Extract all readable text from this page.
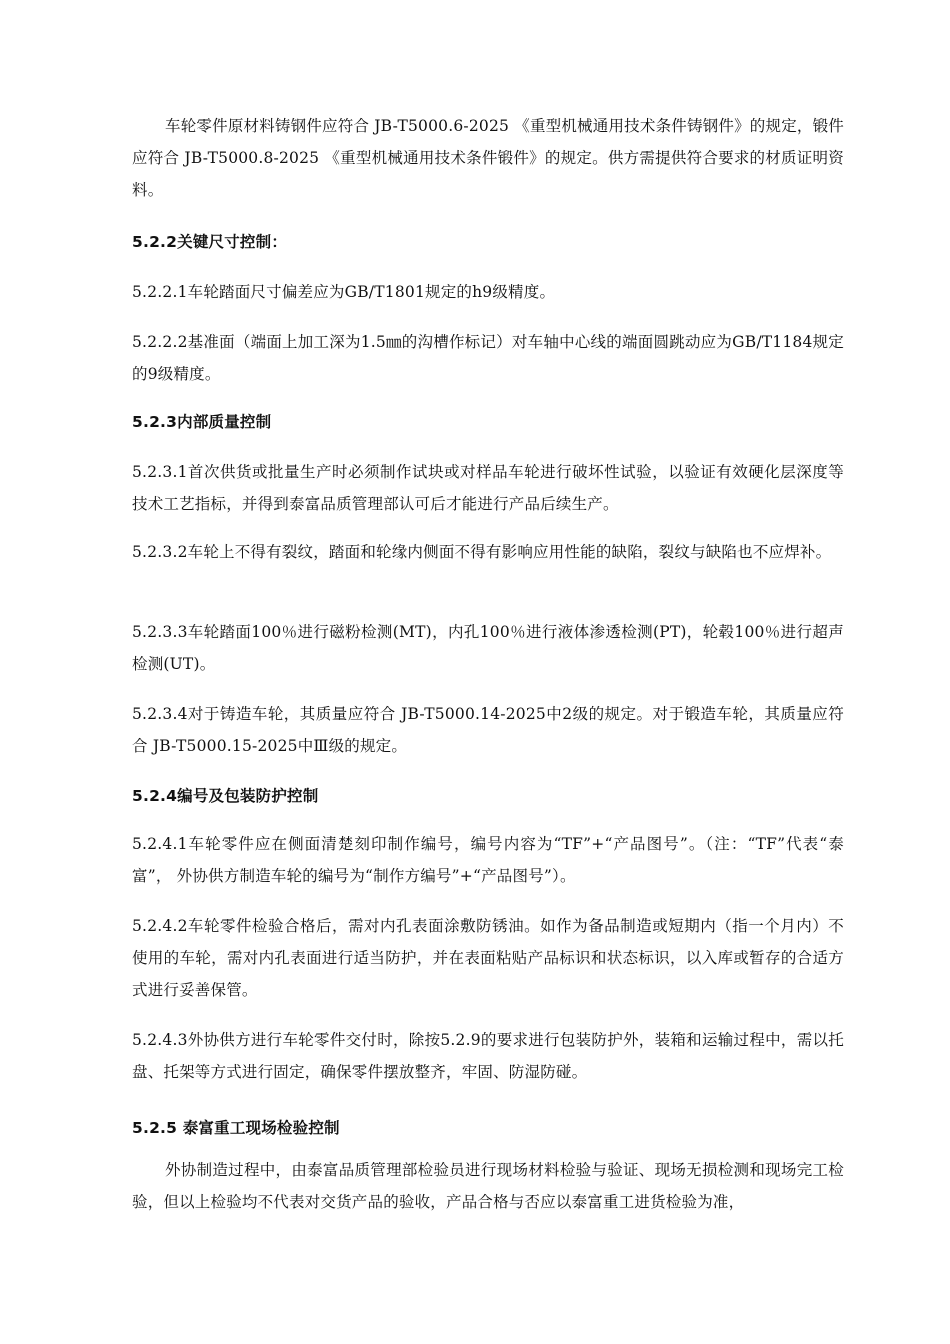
车轮零件原材料铸钢件应符合 JB-T5000.6-2025 《重型机械通用技术条件铸钢件》的规定，锻件应符合 JB-T5000.8-2025 《重型机械通用技术条件锻件》的规定。供方需提供符合要求的材质证明资料。

5.2.2关键尺寸控制：

5.2.2.1车轮踏面尺寸偏差应为GB/T1801规定的h9级精度。

5.2.2.2基准面（端面上加工深为1.5㎜的沟槽作标记）对车轴中心线的端面圆跳动应为GB/T1184规定的9级精度。

5.2.3内部质量控制

5.2.3.1首次供货或批量生产时必须制作试块或对样品车轮进行破坏性试验，以验证有效硬化层深度等技术工艺指标，并得到泰富品质管理部认可后才能进行产品后续生产。

5.2.3.2车轮上不得有裂纹，踏面和轮缘内侧面不得有影响应用性能的缺陷，裂纹与缺陷也不应焊补。

5.2.3.3车轮踏面100％进行磁粉检测(MT)，内孔100％进行液体渗透检测(PT)，轮毂100％进行超声检测(UT)。

5.2.3.4对于铸造车轮，其质量应符合 JB-T5000.14-2025中2级的规定。对于锻造车轮，其质量应符合 JB-T5000.15-2025中Ⅲ级的规定。

5.2.4编号及包装防护控制

5.2.4.1车轮零件应在侧面清楚刻印制作编号，编号内容为“TF”+“产品图号”。（注：“TF”代表“泰富”， 外协供方制造车轮的编号为“制作方编号”+“产品图号”）。

5.2.4.2车轮零件检验合格后，需对内孔表面涂敷防锈油。如作为备品制造或短期内（指一个月内）不使用的车轮，需对内孔表面进行适当防护，并在表面粘贴产品标识和状态标识，以入库或暂存的合适方式进行妥善保管。

5.2.4.3外协供方进行车轮零件交付时，除按5.2.9的要求进行包装防护外，装箱和运输过程中，需以托盘、托架等方式进行固定，确保零件摆放整齐，牢固、防湿防碰。

5.2.5 泰富重工现场检验控制

外协制造过程中，由泰富品质管理部检验员进行现场材料检验与验证、现场无损检测和现场完工检验，但以上检验均不代表对交货产品的验收，产品合格与否应以泰富重工进货检验为准，
